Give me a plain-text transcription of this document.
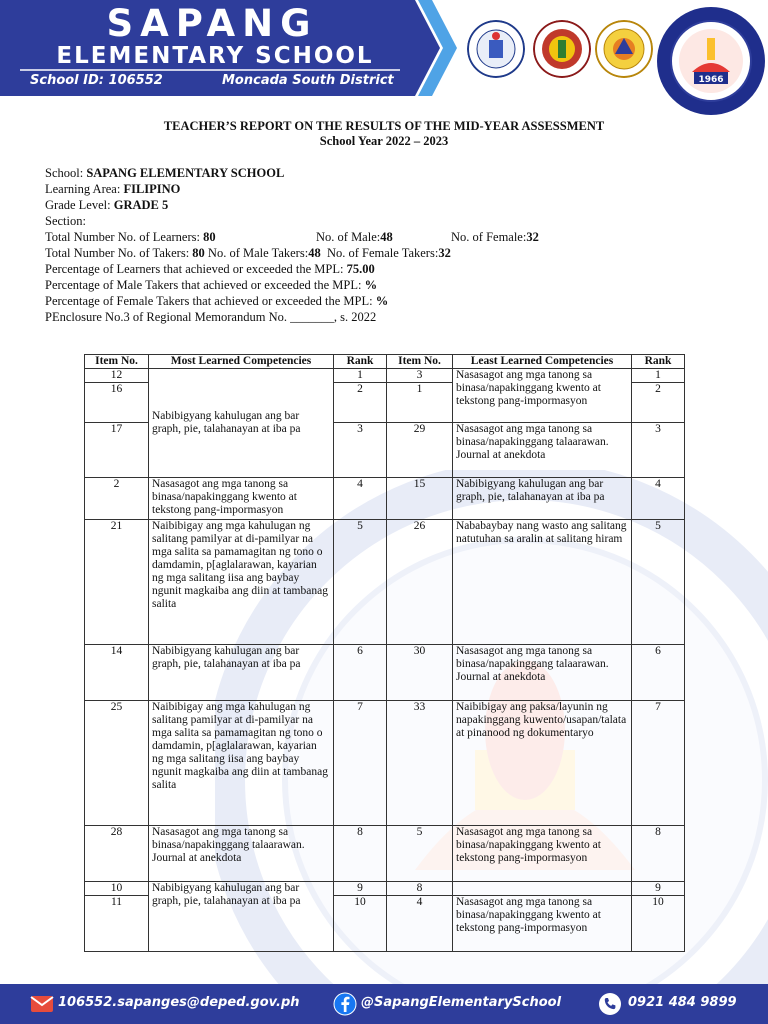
SAPANG
ELEMENTARY SCHOOL
School ID: 106552	Moncada South District	1966
TEACHER’S REPORT ON THE RESULTS OF THE MID-YEAR ASSESSMENT
School Year 2022 – 2023
School: SAPANG ELEMENTARY SCHOOL
Learning Area: FILIPINO
Grade Level: GRADE 5
Section:
Total Number No. of Learners: 80	No. of Male:48	No. of Female:32
Total Number No. of Takers: 80 No. of Male Takers:48 No. of Female Takers:32
Percentage of Learners that achieved or exceeded the MPL: 75.00
Percentage of Male Takers that achieved or exceeded the MPL: %
Percentage of Female Takers that achieved or exceeded the MPL: %
PEnclosure No.3 of Regional Memorandum No. _______, s. 2022
Item No.	Most Learned Competencies	Rank	Item No.	Least Learned Competencies	Rank
12	Nabibigyang kahulugan ang bar graph, pie, talahanayan at iba pa	1	3	Nasasagot ang mga tanong sa binasa/napakinggang kwento at tekstong pang-impormasyon	1
16		2	1		2
17		3	29	Nasasagot ang mga tanong sa binasa/napakinggang talaarawan. Journal at anekdota	3
2	Nasasagot ang mga tanong sa binasa/napakinggang kwento at tekstong pang-impormasyon	4	15	Nabibigyang kahulugan ang bar graph, pie, talahanayan at iba pa	4
21	Naibibigay ang mga kahulugan ng salitang pamilyar at di-pamilyar na mga salita sa pamamagitan ng tono o damdamin, p[aglalarawan, kayarian ng mga salitang iisa ang baybay ngunit magkaiba ang diin at tambanag salita	5	26	Nababaybay nang wasto ang salitang natutuhan sa aralin at salitang hiram	5
14	Nabibigyang kahulugan ang bar graph, pie, talahanayan at iba pa	6	30	Nasasagot ang mga tanong sa binasa/napakinggang talaarawan. Journal at anekdota	6
25	Naibibigay ang mga kahulugan ng salitang pamilyar at di-pamilyar na mga salita sa pamamagitan ng tono o damdamin, p[aglalarawan, kayarian ng mga salitang iisa ang baybay ngunit magkaiba ang diin at tambanag salita	7	33	Naibibigay ang paksa/layunin ng napakinggang kuwento/usapan/talata at pinanood ng dokumentaryo	7
28	Nasasagot ang mga tanong sa binasa/napakinggang talaarawan. Journal at anekdota	8	5	Nasasagot ang mga tanong sa binasa/napakinggang kwento at tekstong pang-impormasyon	8
10	Nabibigyang kahulugan ang bar graph, pie, talahanayan at iba pa	9	8		9
11		10	4	Nasasagot ang mga tanong sa binasa/napakinggang kwento at tekstong pang-impormasyon	10
106552.sapanges@deped.gov.ph	@SapangElementarySchool	0921 484 9899
